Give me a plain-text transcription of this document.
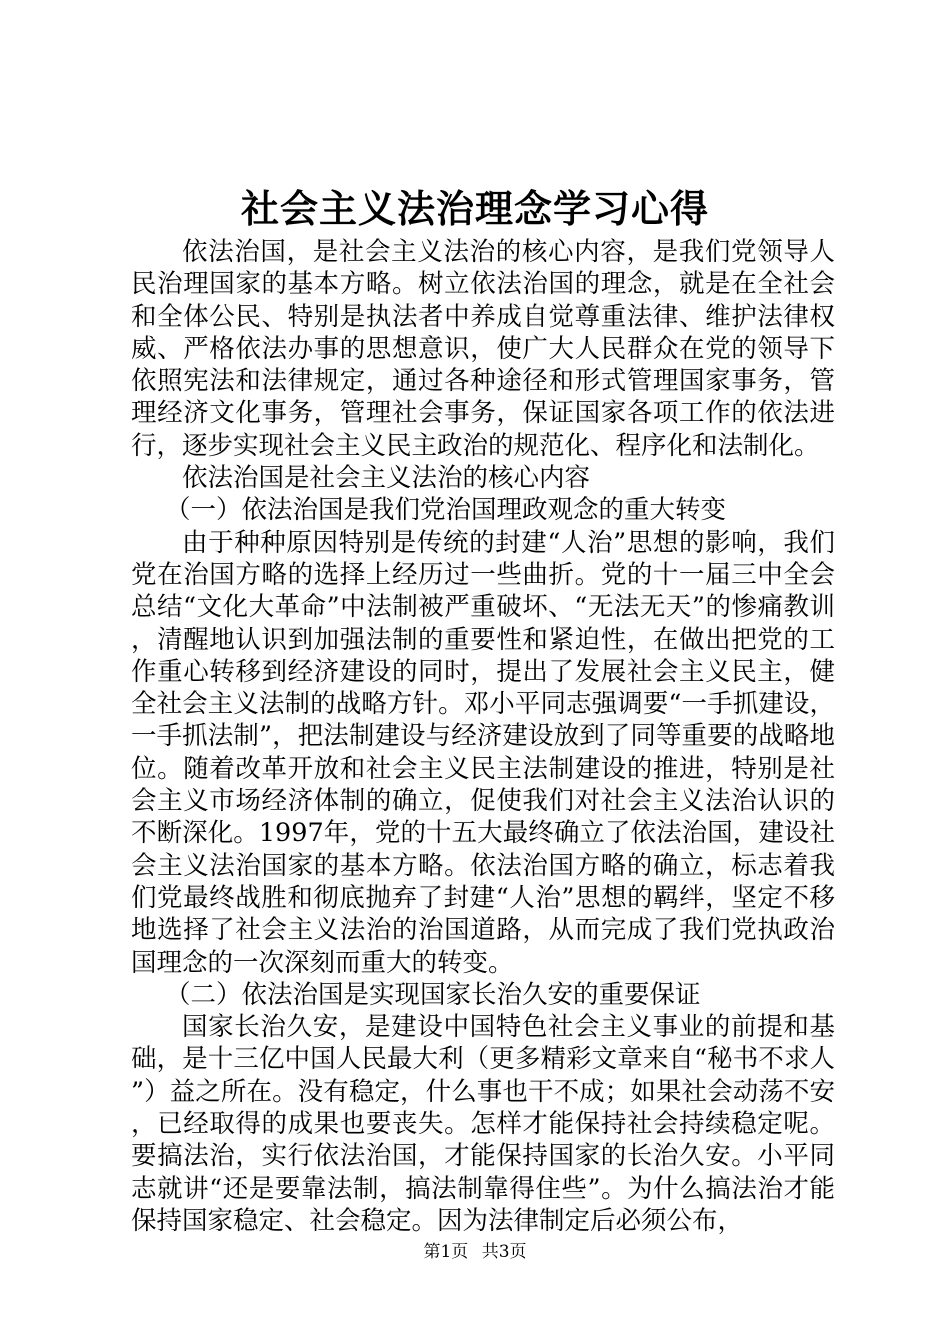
社会主义法治理念学习心得

依法治国，是社会主义法治的核心内容，是我们党领导人民治理国家的基本方略。树立依法治国的理念，就是在全社会和全体公民、特别是执法者中养成自觉尊重法律、维护法律权威、严格依法办事的思想意识，使广大人民群众在党的领导下依照宪法和法律规定，通过各种途径和形式管理国家事务，管理经济文化事务，管理社会事务，保证国家各项工作的依法进行，逐步实现社会主义民主政治的规范化、程序化和法制化。

依法治国是社会主义法治的核心内容

（一）依法治国是我们党治国理政观念的重大转变

由于种种原因特别是传统的封建“人治”思想的影响，我们党在治国方略的选择上经历过一些曲折。党的十一届三中全会总结“文化大革命”中法制被严重破坏、“无法无天”的惨痛教训，清醒地认识到加强法制的重要性和紧迫性，在做出把党的工作重心转移到经济建设的同时，提出了发展社会主义民主，健全社会主义法制的战略方针。邓小平同志强调要“一手抓建设，一手抓法制”，把法制建设与经济建设放到了同等重要的战略地位。随着改革开放和社会主义民主法制建设的推进，特别是社会主义市场经济体制的确立，促使我们对社会主义法治认识的不断深化。1997年，党的十五大最终确立了依法治国，建设社会主义法治国家的基本方略。依法治国方略的确立，标志着我们党最终战胜和彻底抛弃了封建“人治”思想的羁绊，坚定不移地选择了社会主义法治的治国道路，从而完成了我们党执政治国理念的一次深刻而重大的转变。

（二）依法治国是实现国家长治久安的重要保证

国家长治久安，是建设中国特色社会主义事业的前提和基础，是十三亿中国人民最大利（更多精彩文章来自“秘书不求人”）益之所在。没有稳定，什么事也干不成；如果社会动荡不安，已经取得的成果也要丧失。怎样才能保持社会持续稳定呢。要搞法治，实行依法治国，才能保持国家的长治久安。小平同志就讲“还是要靠法制，搞法制靠得住些”。为什么搞法治才能保持国家稳定、社会稳定。因为法律制定后必须公布，

第1页 共3页
